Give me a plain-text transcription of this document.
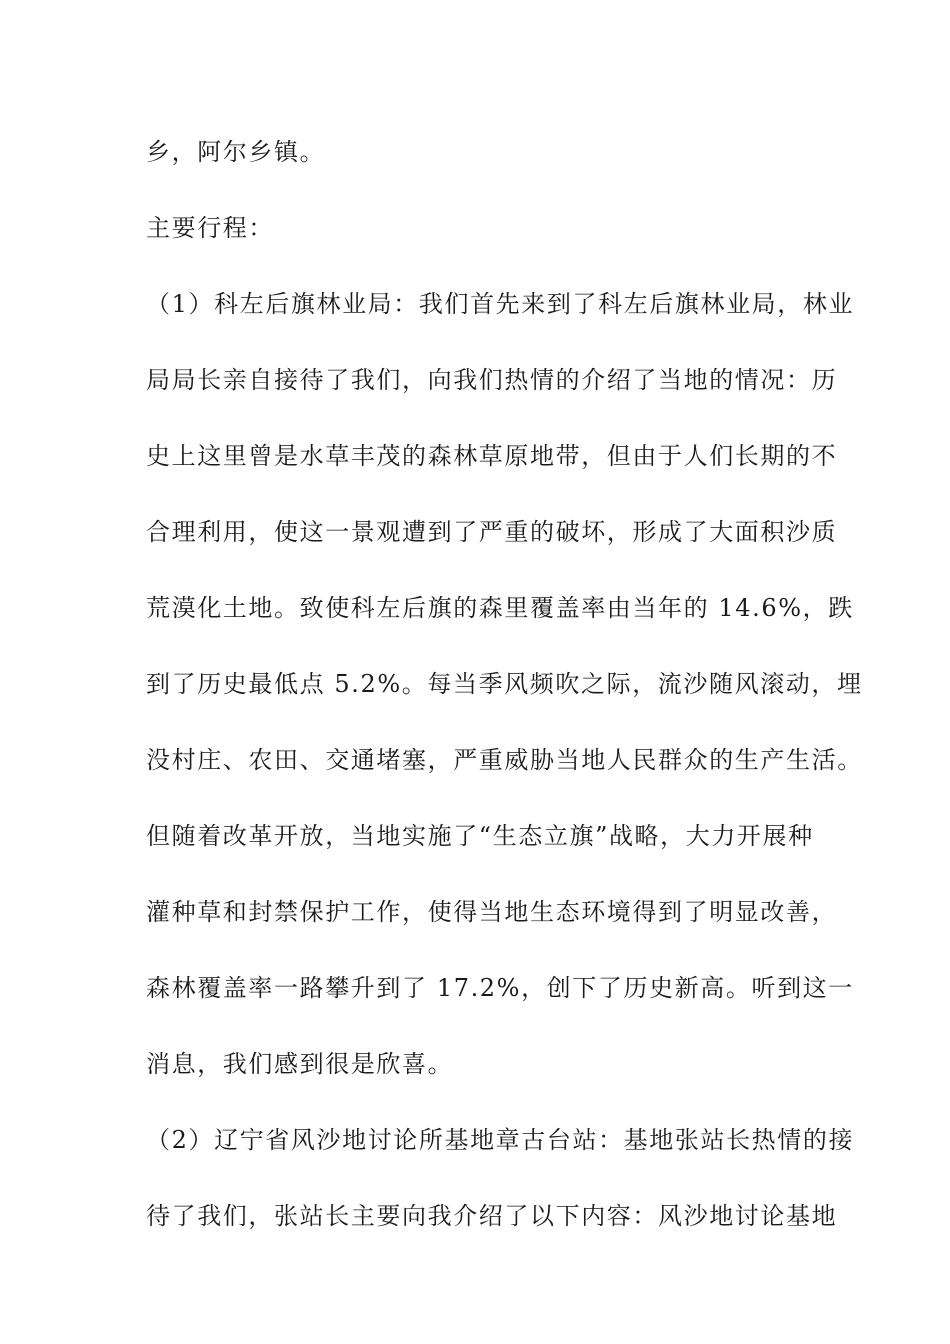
乡，阿尔乡镇。
主要行程：
（1）科左后旗林业局：我们首先来到了科左后旗林业局，林业
局局长亲自接待了我们，向我们热情的介绍了当地的情况：历
史上这里曾是水草丰茂的森林草原地带，但由于人们长期的不
合理利用，使这一景观遭到了严重的破坏，形成了大面积沙质
荒漠化土地。致使科左后旗的森里覆盖率由当年的 14.6%，跌
到了历史最低点 5.2%。每当季风频吹之际，流沙随风滚动，埋
没村庄、农田、交通堵塞，严重威胁当地人民群众的生产生活。
但随着改革开放，当地实施了“生态立旗”战略，大力开展种
灌种草和封禁保护工作，使得当地生态环境得到了明显改善，
森林覆盖率一路攀升到了 17.2%，创下了历史新高。听到这一
消息，我们感到很是欣喜。
（2）辽宁省风沙地讨论所基地章古台站：基地张站长热情的接
待了我们，张站长主要向我介绍了以下内容：风沙地讨论基地
